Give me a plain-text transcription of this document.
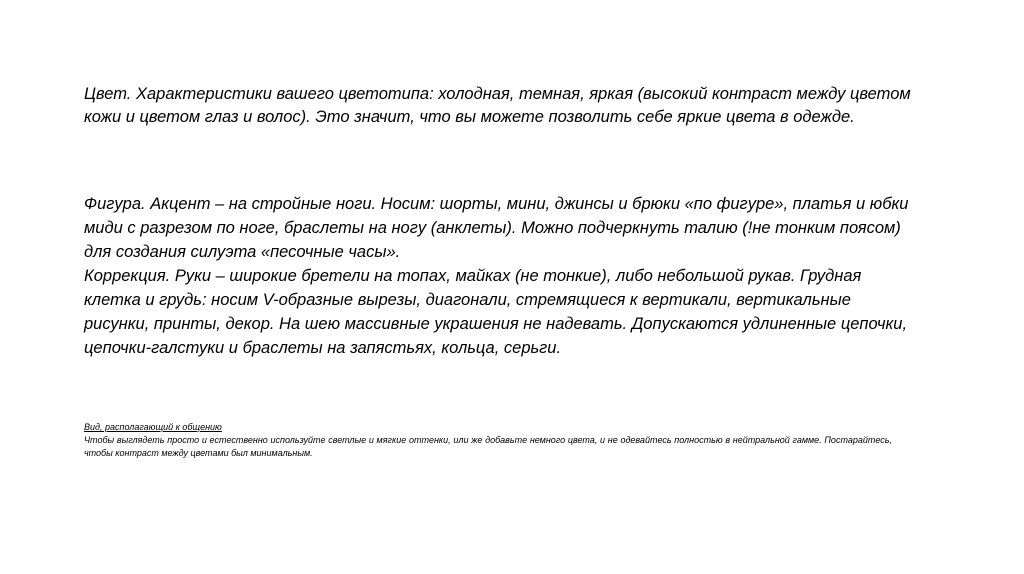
Цвет. Характеристики вашего цветотипа: холодная, темная, яркая (высокий контраст между цветом кожи и цветом глаз и волос). Это значит, что вы можете позволить себе яркие цвета в одежде.

Фигура. Акцент – на стройные ноги. Носим: шорты, мини, джинсы и брюки «по фигуре», платья и юбки миди с разрезом по ноге, браслеты на ногу (анклеты). Можно подчеркнуть талию (!не тонким поясом) для создания силуэта «песочные часы».

Коррекция. Руки – широкие бретели на топах, майках (не тонкие), либо небольшой рукав. Грудная клетка и грудь: носим V-образные вырезы, диагонали, стремящиеся к вертикали, вертикальные рисунки, принты, декор. На шею массивные украшения не надевать. Допускаются удлиненные цепочки, цепочки-галстуки и браслеты на запястьях, кольца, серьги.

Вид, располагающий к общению

Чтобы выглядеть просто и естественно используйте светлые и мягкие оттенки, или же добавьте немного цвета, и не одевайтесь полностью в нейтральной гамме. Постарайтесь, чтобы контраст между цветами был минимальным.
